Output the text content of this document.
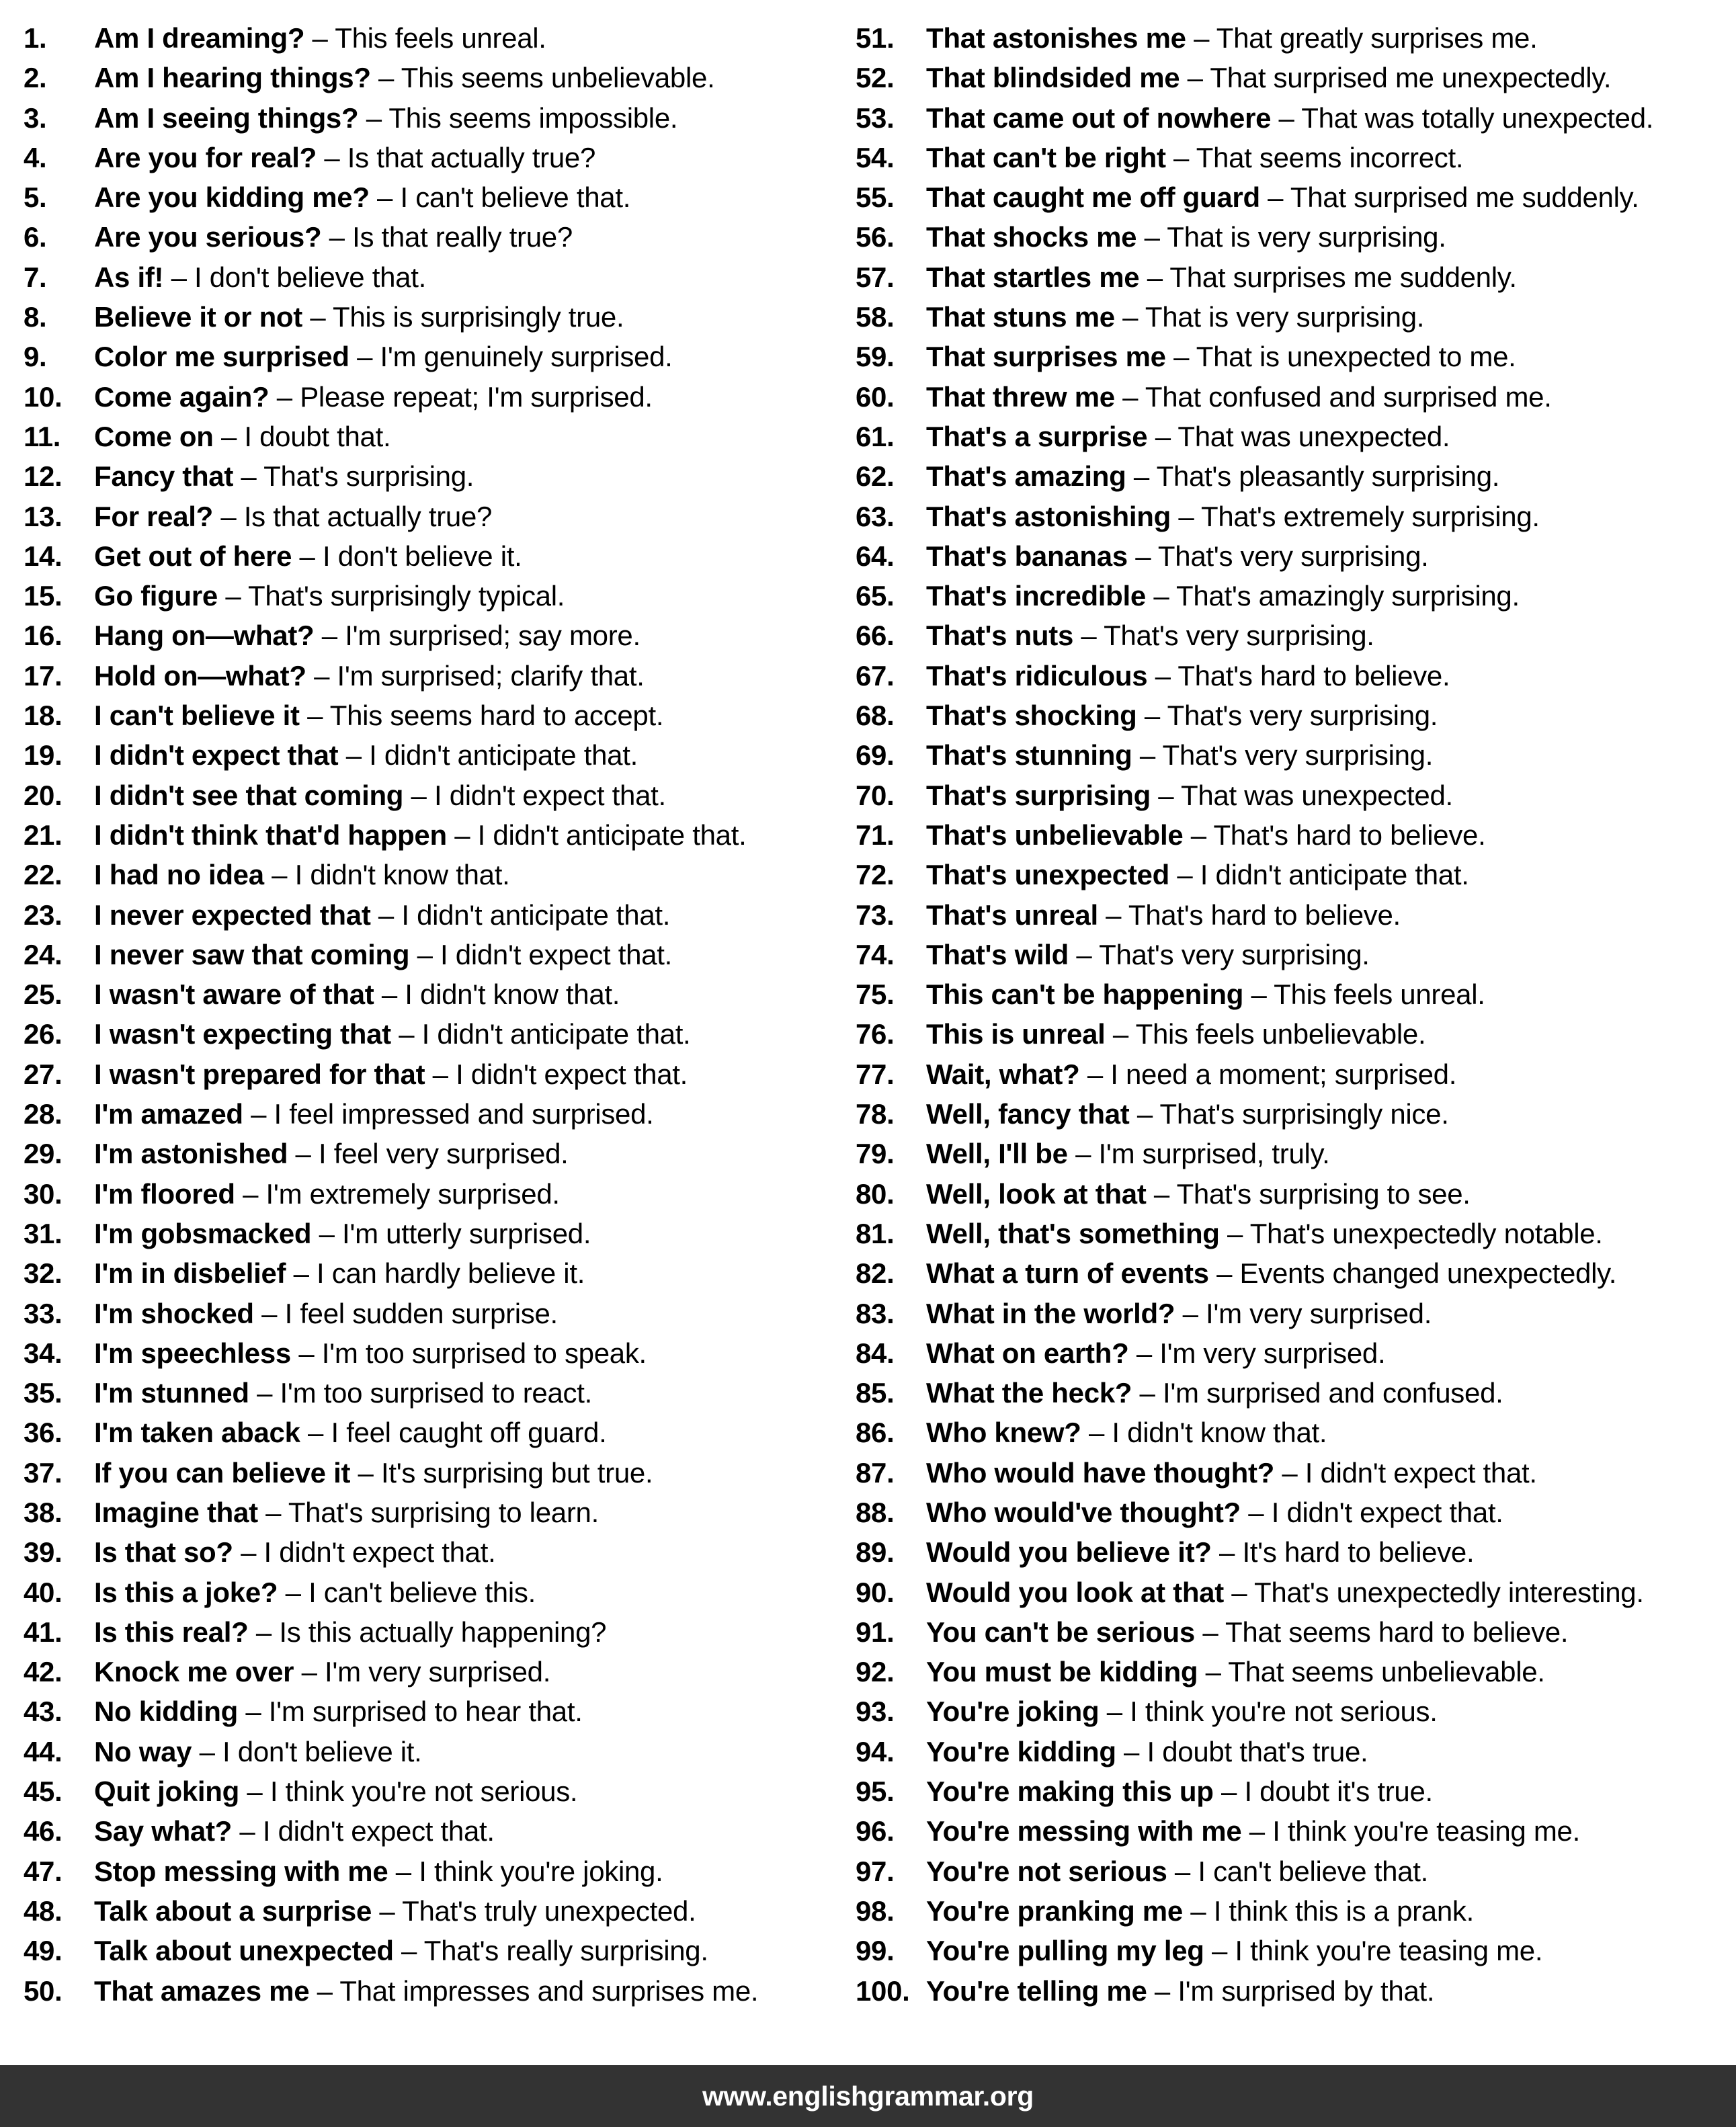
1.	Am I dreaming? – This feels unreal.
2.	Am I hearing things? – This seems unbelievable.
3.	Am I seeing things? – This seems impossible.
4.	Are you for real? – Is that actually true?
5.	Are you kidding me? – I can't believe that.
6.	Are you serious? – Is that really true?
7.	As if! – I don't believe that.
8.	Believe it or not – This is surprisingly true.
9.	Color me surprised – I'm genuinely surprised.
10.	Come again? – Please repeat; I'm surprised.
11.	Come on – I doubt that.
12.	Fancy that – That's surprising.
13.	For real? – Is that actually true?
14.	Get out of here – I don't believe it.
15.	Go figure – That's surprisingly typical.
16.	Hang on—what? – I'm surprised; say more.
17.	Hold on—what? – I'm surprised; clarify that.
18.	I can't believe it – This seems hard to accept.
19.	I didn't expect that – I didn't anticipate that.
20.	I didn't see that coming – I didn't expect that.
21.	I didn't think that'd happen – I didn't anticipate that.
22.	I had no idea – I didn't know that.
23.	I never expected that – I didn't anticipate that.
24.	I never saw that coming – I didn't expect that.
25.	I wasn't aware of that – I didn't know that.
26.	I wasn't expecting that – I didn't anticipate that.
27.	I wasn't prepared for that – I didn't expect that.
28.	I'm amazed – I feel impressed and surprised.
29.	I'm astonished – I feel very surprised.
30.	I'm floored – I'm extremely surprised.
31.	I'm gobsmacked – I'm utterly surprised.
32.	I'm in disbelief – I can hardly believe it.
33.	I'm shocked – I feel sudden surprise.
34.	I'm speechless – I'm too surprised to speak.
35.	I'm stunned – I'm too surprised to react.
36.	I'm taken aback – I feel caught off guard.
37.	If you can believe it – It's surprising but true.
38.	Imagine that – That's surprising to learn.
39.	Is that so? – I didn't expect that.
40.	Is this a joke? – I can't believe this.
41.	Is this real? – Is this actually happening?
42.	Knock me over – I'm very surprised.
43.	No kidding – I'm surprised to hear that.
44.	No way – I don't believe it.
45.	Quit joking – I think you're not serious.
46.	Say what? – I didn't expect that.
47.	Stop messing with me – I think you're joking.
48.	Talk about a surprise – That's truly unexpected.
49.	Talk about unexpected – That's really surprising.
50.	That amazes me – That impresses and surprises me.
51.	That astonishes me – That greatly surprises me.
52.	That blindsided me – That surprised me unexpectedly.
53.	That came out of nowhere – That was totally unexpected.
54.	That can't be right – That seems incorrect.
55.	That caught me off guard – That surprised me suddenly.
56.	That shocks me – That is very surprising.
57.	That startles me – That surprises me suddenly.
58.	That stuns me – That is very surprising.
59.	That surprises me – That is unexpected to me.
60.	That threw me – That confused and surprised me.
61.	That's a surprise – That was unexpected.
62.	That's amazing – That's pleasantly surprising.
63.	That's astonishing – That's extremely surprising.
64.	That's bananas – That's very surprising.
65.	That's incredible – That's amazingly surprising.
66.	That's nuts – That's very surprising.
67.	That's ridiculous – That's hard to believe.
68.	That's shocking – That's very surprising.
69.	That's stunning – That's very surprising.
70.	That's surprising – That was unexpected.
71.	That's unbelievable – That's hard to believe.
72.	That's unexpected – I didn't anticipate that.
73.	That's unreal – That's hard to believe.
74.	That's wild – That's very surprising.
75.	This can't be happening – This feels unreal.
76.	This is unreal – This feels unbelievable.
77.	Wait, what? – I need a moment; surprised.
78.	Well, fancy that – That's surprisingly nice.
79.	Well, I'll be – I'm surprised, truly.
80.	Well, look at that – That's surprising to see.
81.	Well, that's something – That's unexpectedly notable.
82.	What a turn of events – Events changed unexpectedly.
83.	What in the world? – I'm very surprised.
84.	What on earth? – I'm very surprised.
85.	What the heck? – I'm surprised and confused.
86.	Who knew? – I didn't know that.
87.	Who would have thought? – I didn't expect that.
88.	Who would've thought? – I didn't expect that.
89.	Would you believe it? – It's hard to believe.
90.	Would you look at that – That's unexpectedly interesting.
91.	You can't be serious – That seems hard to believe.
92.	You must be kidding – That seems unbelievable.
93.	You're joking – I think you're not serious.
94.	You're kidding – I doubt that's true.
95.	You're making this up – I doubt it's true.
96.	You're messing with me – I think you're teasing me.
97.	You're not serious – I can't believe that.
98.	You're pranking me – I think this is a prank.
99.	You're pulling my leg – I think you're teasing me.
100. You're telling me – I'm surprised by that.
www.englishgrammar.org
